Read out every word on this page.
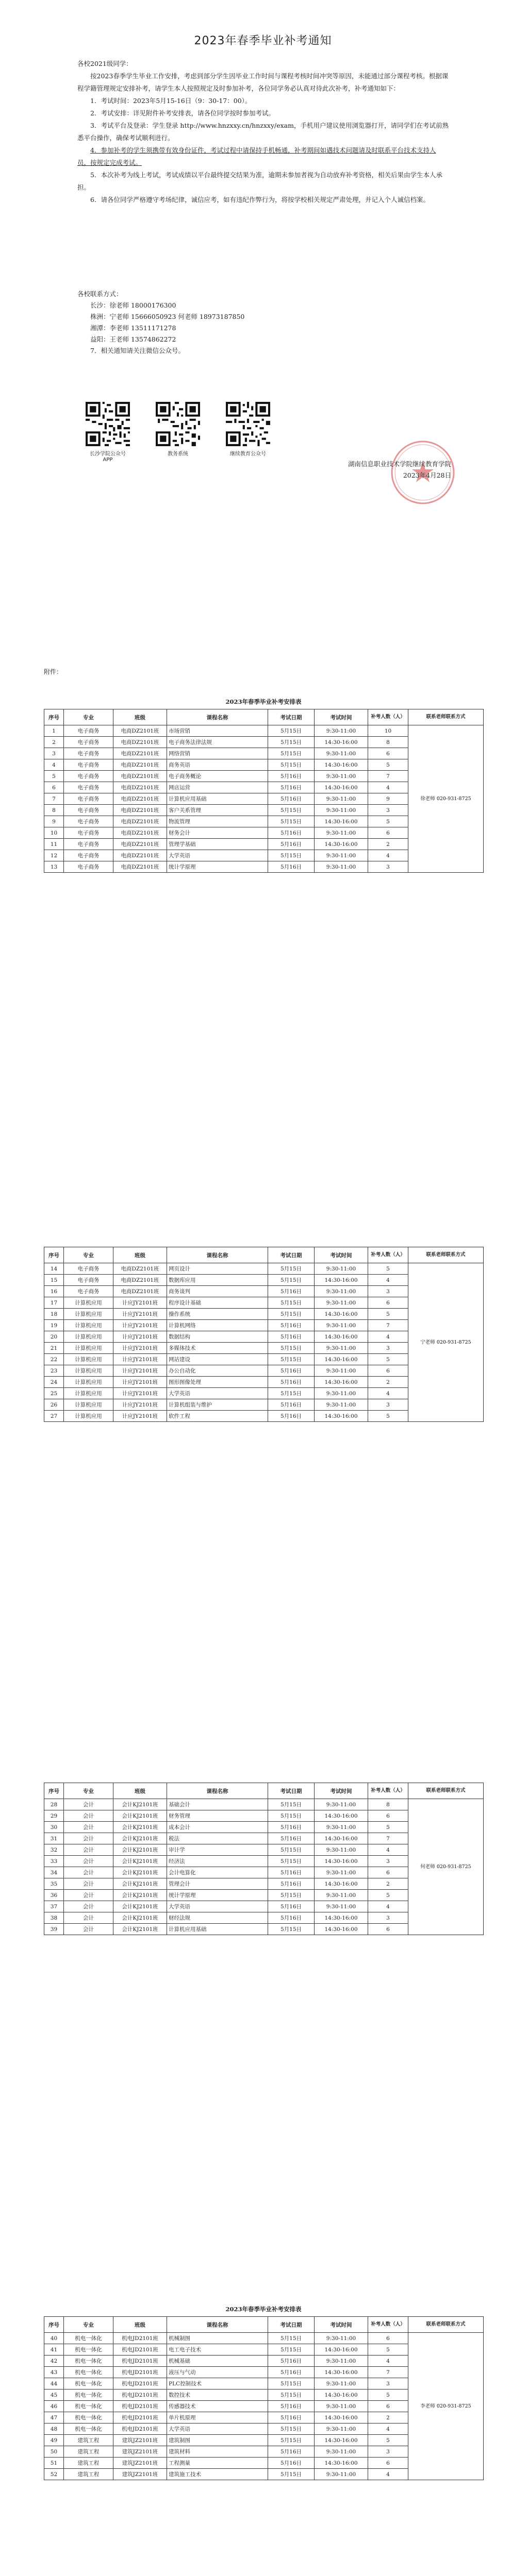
2023年春季毕业补考通知

各校2021级同学：

按2023春季学生毕业工作安排，考虑到部分学生因毕业工作时间与课程考核时间冲突等原因，未能通过部分课程考核。根据课程学籍管理规定安排补考，请学生本人按照规定及时参加补考，各位同学务必认真对待此次补考，补考通知如下：

1．考试时间：2023年5月15-16日（9：30-17：00）。

2．考试安排：详见附件补考安排表，请各位同学按时参加考试。

3．考试平台及登录：学生登录 http://www.hnzxxy.cn/hnzxxy/exam，手机用户建议使用浏览器打开，请同学们在考试前熟悉平台操作，确保考试顺利进行。

4．参加补考的学生须携带有效身份证件，考试过程中请保持手机畅通，补考期间如遇技术问题请及时联系平台技术支持人员，按规定完成考试。

5．本次补考为线上考试，考试成绩以平台最终提交结果为准，逾期未参加者视为自动放弃补考资格，相关后果由学生本人承担。

6．请各位同学严格遵守考场纪律，诚信应考，如有违纪作弊行为，将按学校相关规定严肃处理，并记入个人诚信档案。

各校联系方式：

长沙：徐老师 18000176300

株洲：宁老师 15666050923 何老师 18973187850

湘潭：李老师 13511171278

益阳：王老师 13574862272

7．相关通知请关注微信公众号。

长沙学院公众号APP
教务系统	继续教育公众号
湖南信息职业技术学院继续教育学院
2023年4月28日
附件：
2023年春季毕业补考安排表
序号	专业	班级	课程名称	考试日期	考试时间	补考人数（人）	联系老师联系方式
1	电子商务	电商DZ2101班	市场营销	5月15日	9:30-11:00	10	徐老师 020-931-8725
2	电子商务	电商DZ2101班	电子商务法律法规	5月15日	14:30-16:00	8	
3	电子商务	电商DZ2101班	网络营销	5月15日	9:30-11:00	6	
4	电子商务	电商DZ2101班	商务英语	5月15日	14:30-16:00	5	
5	电子商务	电商DZ2101班	电子商务概论	5月16日	9:30-11:00	7	
6	电子商务	电商DZ2101班	网店运营	5月16日	14:30-16:00	4	
7	电子商务	电商DZ2101班	计算机应用基础	5月16日	9:30-11:00	9	
8	电子商务	电商DZ2101班	客户关系管理	5月15日	9:30-11:00	3	
9	电子商务	电商DZ2101班	物流管理	5月15日	14:30-16:00	5	
10	电子商务	电商DZ2101班	财务会计	5月16日	9:30-11:00	6	
11	电子商务	电商DZ2101班	管理学基础	5月16日	14:30-16:00	2	
12	电子商务	电商DZ2101班	大学英语	5月15日	9:30-11:00	4	
13	电子商务	电商DZ2101班	统计学原理	5月16日	9:30-11:00	3	
序号	专业	班级	课程名称	考试日期	考试时间	补考人数（人）	联系老师联系方式
14	电子商务	电商DZ2101班	网页设计	5月15日	9:30-11:00	5	宁老师 020-931-8725
15	电子商务	电商DZ2101班	数据库应用	5月15日	14:30-16:00	4	
16	电子商务	电商DZ2101班	商务谈判	5月16日	9:30-11:00	3	
17	计算机应用	计应JY2101班	程序设计基础	5月15日	9:30-11:00	6	
18	计算机应用	计应JY2101班	操作系统	5月15日	14:30-16:00	5	
19	计算机应用	计应JY2101班	计算机网络	5月16日	9:30-11:00	7	
20	计算机应用	计应JY2101班	数据结构	5月16日	14:30-16:00	4	
21	计算机应用	计应JY2101班	多媒体技术	5月15日	9:30-11:00	3	
22	计算机应用	计应JY2101班	网站建设	5月15日	14:30-16:00	5	
23	计算机应用	计应JY2101班	办公自动化	5月16日	9:30-11:00	6	
24	计算机应用	计应JY2101班	图形图像处理	5月16日	14:30-16:00	2	
25	计算机应用	计应JY2101班	大学英语	5月15日	9:30-11:00	4	
26	计算机应用	计应JY2101班	计算机组装与维护	5月16日	9:30-11:00	3	
27	计算机应用	计应JY2101班	软件工程	5月16日	14:30-16:00	5	
序号	专业	班级	课程名称	考试日期	考试时间	补考人数（人）	联系老师联系方式
28	会计	会计KJ2101班	基础会计	5月15日	9:30-11:00	8	何老师 020-931-8725
29	会计	会计KJ2101班	财务管理	5月15日	14:30-16:00	6	
30	会计	会计KJ2101班	成本会计	5月16日	9:30-11:00	5	
31	会计	会计KJ2101班	税法	5月16日	14:30-16:00	7	
32	会计	会计KJ2101班	审计学	5月15日	9:30-11:00	4	
33	会计	会计KJ2101班	经济法	5月15日	14:30-16:00	3	
34	会计	会计KJ2101班	会计电算化	5月16日	9:30-11:00	6	
35	会计	会计KJ2101班	管理会计	5月16日	14:30-16:00	2	
36	会计	会计KJ2101班	统计学原理	5月15日	9:30-11:00	5	
37	会计	会计KJ2101班	大学英语	5月16日	9:30-11:00	4	
38	会计	会计KJ2101班	财经法规	5月16日	14:30-16:00	3	
39	会计	会计KJ2101班	计算机应用基础	5月15日	14:30-16:00	6	
2023年春季毕业补考安排表
序号	专业	班级	课程名称	考试日期	考试时间	补考人数（人）	联系老师联系方式
40	机电一体化	机电JD2101班	机械制图	5月15日	9:30-11:00	6	李老师 020-931-8725
41	机电一体化	机电JD2101班	电工电子技术	5月15日	14:30-16:00	5	
42	机电一体化	机电JD2101班	机械基础	5月16日	9:30-11:00	4	
43	机电一体化	机电JD2101班	液压与气动	5月16日	14:30-16:00	7	
44	机电一体化	机电JD2101班	PLC控制技术	5月15日	9:30-11:00	3	
45	机电一体化	机电JD2101班	数控技术	5月15日	14:30-16:00	5	
46	机电一体化	机电JD2101班	传感器技术	5月16日	9:30-11:00	6	
47	机电一体化	机电JD2101班	单片机原理	5月16日	14:30-16:00	2	
48	机电一体化	机电JD2101班	大学英语	5月15日	9:30-11:00	4	
49	建筑工程	建筑JZ2101班	建筑制图	5月15日	14:30-16:00	5	
50	建筑工程	建筑JZ2101班	建筑材料	5月16日	9:30-11:00	3	
51	建筑工程	建筑JZ2101班	工程测量	5月16日	14:30-16:00	6	
52	建筑工程	建筑JZ2101班	建筑施工技术	5月15日	9:30-11:00	4	
